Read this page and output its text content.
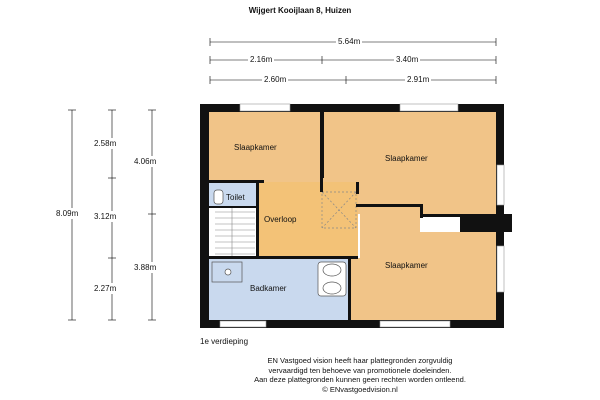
Wijgert Kooijlaan 8, Huizen
5.64m
2.16m	3.40m
2.60m	2.91m
8.09m
2.58m
3.12m
2.27m
4.06m
3.88m
Slaapkamer
Slaapkamer
Slaapkamer
Toilet
Overloop
Badkamer
1e verdieping
EN Vastgoed vision heeft haar plattegronden zorgvuldig
vervaardigd ten behoeve van promotionele doeleinden.
Aan deze plattegronden kunnen geen rechten worden ontleend.
© ENvastgoedvision.nl
